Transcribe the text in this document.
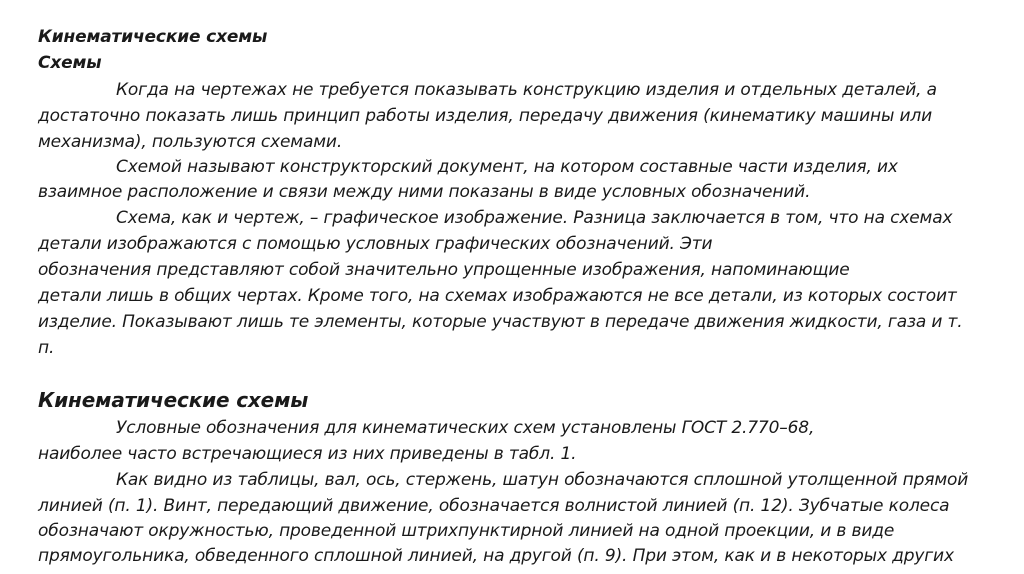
Кинематические схемы
Схемы
Когда на чертежах не требуется показывать конструкцию изделия и отдельных деталей, а
достаточно показать лишь принцип работы изделия, передачу движения (кинематику машины или
механизма), пользуются схемами.
Схемой называют конструкторский документ, на котором составные части изделия, их
взаимное расположение и связи между ними показаны в виде условных обозначений.
Схема, как и чертеж, – графическое изображение. Разница заключается в том, что на схемах
детали изображаются с помощью условных графических обозначений. Эти
обозначения представляют собой значительно упрощенные изображения, напоминающие
детали лишь в общих чертах. Кроме того, на схемах изображаются не все детали, из которых состоит
изделие. Показывают лишь те элементы, которые участвуют в передаче движения жидкости, газа и т.
п.
Кинематические схемы
Условные обозначения для кинематических схем установлены ГОСТ 2.770–68,
наиболее часто встречающиеся из них приведены в табл. 1.
Как видно из таблицы, вал, ось, стержень, шатун обозначаются сплошной утолщенной прямой
линией (п. 1). Винт, передающий движение, обозначается волнистой линией (п. 12). Зубчатые колеса
обозначают окружностью, проведенной штрихпунктирной линией на одной проекции, и в виде
прямоугольника, обведенного сплошной линией, на другой (п. 9). При этом, как и в некоторых других
